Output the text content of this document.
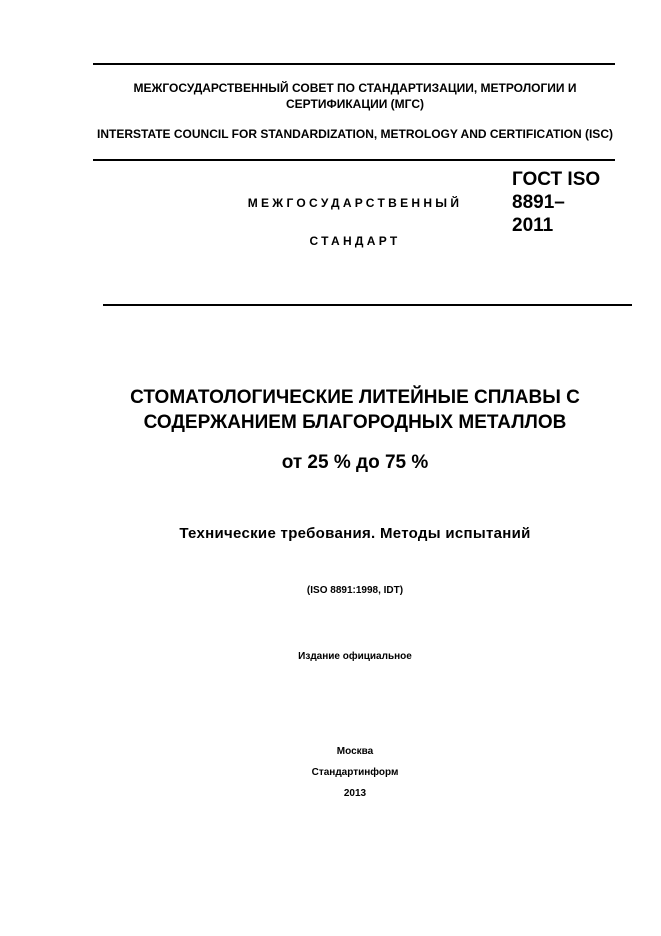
МЕЖГОСУДАРСТВЕННЫЙ СОВЕТ ПО СТАНДАРТИЗАЦИИ, МЕТРОЛОГИИ И СЕРТИФИКАЦИИ (МГС)
INTERSTATE COUNCIL FOR STANDARDIZATION, METROLOGY AND CERTIFICATION (ISC)
МЕЖГОСУДАРСТВЕННЫЙ
СТАНДАРТ
ГОСТ ISO
8891–
2011
СТОМАТОЛОГИЧЕСКИЕ ЛИТЕЙНЫЕ СПЛАВЫ С
СОДЕРЖАНИЕМ БЛАГОРОДНЫХ МЕТАЛЛОВ
от 25 % до 75 %
Технические требования. Методы испытаний
(ISO 8891:1998, IDT)
Издание официальное
Москва
Стандартинформ
2013
